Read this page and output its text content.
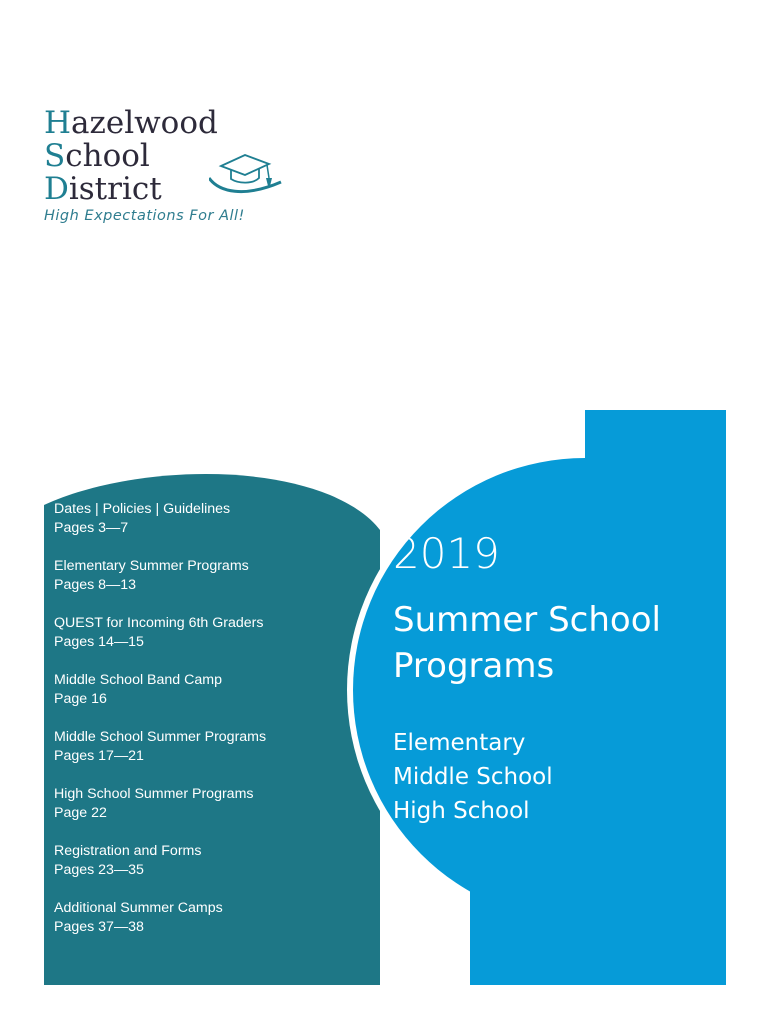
Hazelwood
School
District
High Expectations For All!
Dates | Policies | Guidelines
Pages 3—7
Elementary Summer Programs
Pages 8—13
QUEST for Incoming 6th Graders
Pages 14—15
Middle School Band Camp
Page 16
Middle School Summer Programs
Pages 17—21
High School Summer Programs
Page 22
Registration and Forms
Pages 23—35
Additional Summer Camps
Pages 37—38
2019
Summer School
Programs
Elementary
Middle School
High School
